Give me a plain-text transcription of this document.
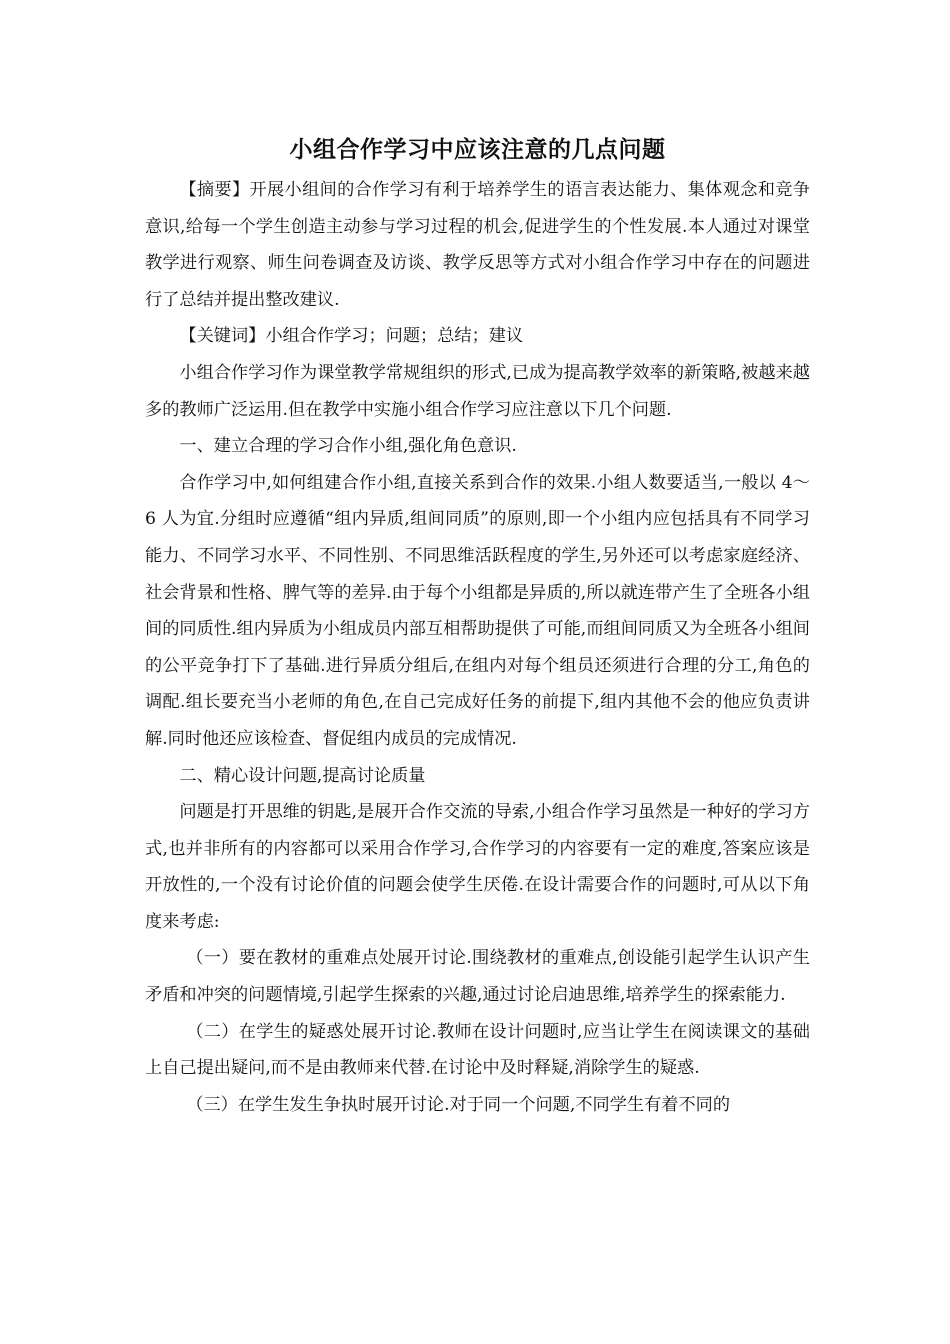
小组合作学习中应该注意的几点问题

【摘要】开展小组间的合作学习有利于培养学生的语言表达能力、集体观念和竞争意识,给每一个学生创造主动参与学习过程的机会,促进学生的个性发展.本人通过对课堂教学进行观察、师生问卷调查及访谈、教学反思等方式对小组合作学习中存在的问题进行了总结并提出整改建议.

【关键词】小组合作学习；问题；总结；建议

小组合作学习作为课堂教学常规组织的形式,已成为提高教学效率的新策略,被越来越多的教师广泛运用.但在教学中实施小组合作学习应注意以下几个问题.

一、建立合理的学习合作小组,强化角色意识.

合作学习中,如何组建合作小组,直接关系到合作的效果.小组人数要适当,一般以 4～6 人为宜.分组时应遵循“组内异质,组间同质”的原则,即一个小组内应包括具有不同学习能力、不同学习水平、不同性别、不同思维活跃程度的学生,另外还可以考虑家庭经济、社会背景和性格、脾气等的差异.由于每个小组都是异质的,所以就连带产生了全班各小组间的同质性.组内异质为小组成员内部互相帮助提供了可能,而组间同质又为全班各小组间的公平竞争打下了基础.进行异质分组后,在组内对每个组员还须进行合理的分工,角色的调配.组长要充当小老师的角色,在自己完成好任务的前提下,组内其他不会的他应负责讲解.同时他还应该检查、督促组内成员的完成情况.

二、精心设计问题,提高讨论质量

问题是打开思维的钥匙,是展开合作交流的导索,小组合作学习虽然是一种好的学习方式,也并非所有的内容都可以采用合作学习,合作学习的内容要有一定的难度,答案应该是开放性的,一个没有讨论价值的问题会使学生厌倦.在设计需要合作的问题时,可从以下角度来考虑:

（一）要在教材的重难点处展开讨论.围绕教材的重难点,创设能引起学生认识产生矛盾和冲突的问题情境,引起学生探索的兴趣,通过讨论启迪思维,培养学生的探索能力.

（二）在学生的疑惑处展开讨论.教师在设计问题时,应当让学生在阅读课文的基础上自己提出疑问,而不是由教师来代替.在讨论中及时释疑,消除学生的疑惑.

（三）在学生发生争执时展开讨论.对于同一个问题,不同学生有着不同的
